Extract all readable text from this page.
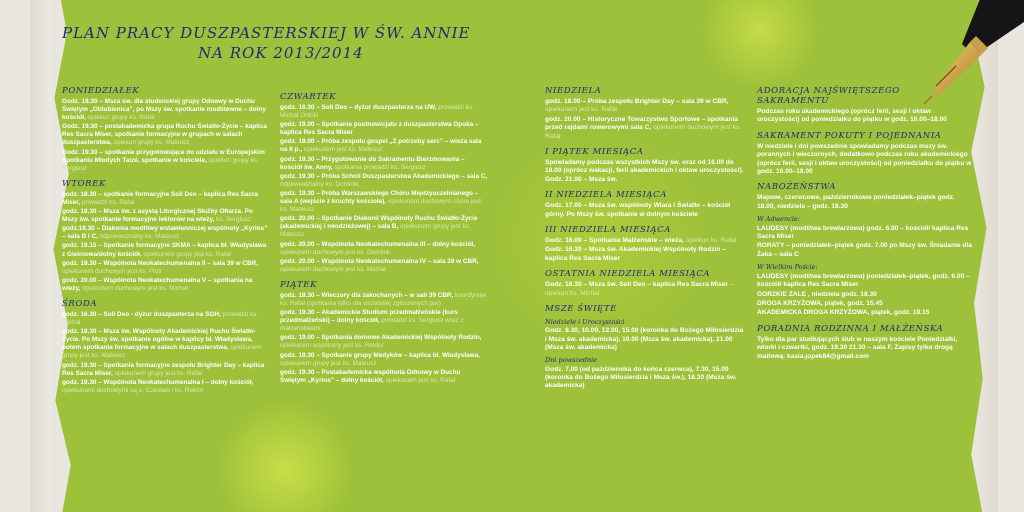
PLAN PRACY DUSZPASTERSKIEJ W ŚW. ANNIE
NA ROK 2013/2014
PONIEDZIAŁEK
Godz. 18.30 – Msza św. dla studenckiej grupy Odnowy w Duchu Świętym „Oblubienica”, po Mszy św. spotkanie modlitewne – dolny kościół, opiekun grupy ks. Rafał
Godz. 19.30 – postakademicka grupa Ruchu Światło-Życie – kaplica Res Sacra Miser, spotkanie formacyjne w grupach w salach duszpasterstwa, opiekun grupy ks. Mateusz
Godz. 19.30 – spotkanie przygotowujące do udziału w Europejskim Spotkaniu Młodych Taizé, spotkanie w kościele, opiekun grupy ks. Sergiusz
WTOREK
godz. 18.30 – spotkanie formacyjne Soli Deo – kaplica Res Sacra Miser, prowadzi ks. Rafał
godz. 18.30 – Msza św. z asystą Liturgicznej Służby Ołtarza. Po Mszy św. spotkanie formacyjne lektorów na wieży, ks. Sergiusz
godz.18.30 – Diakonia modlitwy wstawienniczej wspólnoty „Kyrios” – sala B i C, odpowiedzialny ks. Mateusz
godz. 19.15 – Spotkanie formacyjne SKMA – kaplica bł. Władysława z Gielniowa/dolny kościół, opiekunem grupy jest ks. Rafał
godz. 19.30 – Wspólnota Neokatechumenalna II – sala 39 w CBR, opiekunem duchowym jest ks. Piotr
godz. 20.00 – Wspólnota Neokatechumenalna V – spotkania na wieży, opiekunem duchowym jest ks. Michał
ŚRODA
godz. 16.30 – Soli Deo - dyżur duszpasterza na SGH, prowadzi ks. Michał
godz. 18.30 – Msza św. Wspólnoty Akademickiej Ruchu Światło-Życie. Po Mszy św. spotkanie ogólne w kaplicy bł. Władysława, potem spotkania formacyjne w salach duszpasterstwa, opiekunem grupy jest ks. Mateusz
godz. 19.30 – Spotkania formacyjne zespołu Brighter Day – kaplica Res Sacra Miser, opiekunem grupy jest ks. Rafał
godz. 19.30 – Wspólnota Neokatechumenalna I – dolny kościół, opiekunami duchowymi są o. Czesław i ks. Rektor
CZWARTEK
godz. 16.30 – Soli Deo – dyżur duszpasterza na UW, prowadzi ks. Michał Orlicki
godz. 19.00 – Spotkanie postnowicjatu z duszpasterstwa Opoka – kaplica Res Sacra Miser
godz. 19.00 – Próba zespołu gospel „Z potrzeby serc” – wieża sala na II p., opiekunem jest ks. Mateusz
godz. 19.30 – Przygotowanie do Sakramentu Bierzmowania – kościół św. Anny, spotkania prowadzi ks. Sergiusz
godz. 19.30 – Próba Scholi Duszpasterstwa Akademickiego – sala C, odpowiedzialny ks. Dominik
godz. 19.30 – Próba Warszawskiego Chóru Międzyuczelnianego – sala A (wejście z kruchty kościoła), opiekunem duchowym chóru jest ks. Mateusz
godz. 20.00 – Spotkanie Diakonii Wspólnoty Ruchu Światło-Życie (akademickiej i młodzieżowej) – sala B, opiekunem grupy jest ks. Mateusz
godz. 20.00 – Wspólnota Neokatechumenalna III – dolny kościół, opiekunem duchowym jest ks. Dominik
godz. 20.00 – Wspólnota Neokatechumenalna IV – sala 39 w CBR, opiekunem duchowym jest ks. Michał
PIĄTEK
godz. 18.30 – Wieczory dla zakochanych – w sali 39 CBR, koordynuje ks. Rafał (spotkania tylko dla wcześniej zgłoszonych par)
godz. 19.30 – Akademickie Studium przedmałżeńskie (kurs przedmałżeński) – dolny kościół, prowadzi ks. Sergiusz wraz z małżeństwami
godz. 19.00 – Spotkania domowe Akademickiej Wspólnoty Rodzin, opiekunem wspólnoty jest ks. Rektor
godz. 19.30 – Spotkanie grupy Medyków – kaplica bł. Władysława, opiekunem grupy jest ks. Mateusz
godz. 19.30 – Postakademicka wspólnota Odnowy w Duchu Świętym „Kyrios” – dolny kościół, opiekunem jest ks. Rafał
NIEDZIELA
godz. 18.00 – Próba zespołu Brighter Day – sala 39 w CBR, opiekunem jest ks. Rafał
godz. 20.00 – Historyczne Towarzystwo Sportowe – spotkania przed rajdami rowerowymi sala C, opiekunem duchowym jest ks. Rafał
I PIĄTEK MIESIĄCA
Spowiadamy podczas wszystkich Mszy św. oraz od 16.00 do 18.00 (oprócz wakacji, ferii akademickich i oktaw uroczystości). Godz. 21.00 – Msza św.
II NIEDZIELA MIESIĄCA
Godz. 17.00 – Msza św. wspólnoty Wiara i Światło – kościół górny. Po Mszy św. spotkanie w dolnym kościele
III NIEDZIELA MIESIĄCA
Godz. 16.00 – Spotkania Małżeńskie – wieża, opiekun ks. Rafał
Godz. 16.30 – Msza św. Akademickiej Wspólnoty Rodzin – kaplica Res Sacra Miser
OSTATNIA NIEDZIELA MIESIĄCA
Godz. 16.30 – Msza św. Soli Deo – kaplica Res Sacra Miser – opiekun ks. Michał
MSZE ŚWIĘTE
Niedziele i Uroczystości
Godz. 8.30, 10.00, 12.00, 15.00 (koronka do Bożego Miłosierdzia i Msza św. akademicka), 19.00 (Msza św. akademicka), 21.00 (Msza św. akademicka)
Dni powszednie
Godz. 7.00 (od października do końca czerwca), 7.30, 15.00 (koronka do Bożego Miłosierdzia i Msza św.), 18.30 (Msza św. akademicka)
ADORACJA NAJŚWIĘTSZEGO SAKRAMENTU
Podczas roku akademickiego (oprócz ferii, sesji i oktaw uroczystości) od poniedziałku do piątku w godz. 16.00–18.00
SAKRAMENT POKUTY I POJEDNANIA
W niedziele i dni powszednie spowiadamy podczas mszy św. porannych i wieczornych, dodatkowo podczas roku akademickiego (oprócz ferii, sesji i oktaw uroczystości) od poniedziałku do piątku w godz. 16.00–18.00
NABOŻEŃSTWA
Majowe, czerwcowe, październikowe poniedziałek–piątek godz. 18.00, niedziela – godz. 18.30
W Adwencie:
LAUDESY (modlitwa brewiarzowa) godz. 6.00 – kościół/ kaplica Res Sacra Miser
RORATY – poniedziałek–piątek godz. 7.00 po Mszy św. Śniadanie dla Żaka – sala C
W Wielkim Poście:
LAUDESY (modlitwa brewiarzowa) poniedziałek–piątek, godz. 6.00 – kościół/ kaplica Res Sacra Miser
GORZKIE ŻALE , niedziela godz. 18.30
DROGA KRZYŻOWA, piątek, godz. 15.45
AKADEMICKA DROGA KRZYŻOWA, piątek, godz. 19.15
PORADNIA RODZINNA I MAŁŻEŃSKA
Tylko dla par studiujących ślub w naszym kościele Poniedziałki, wtorki i czwartki, godz. 19.30 21.30 – sala F. Zapisy tylko drogą mailową: kasia.jopek84@gmail.com
